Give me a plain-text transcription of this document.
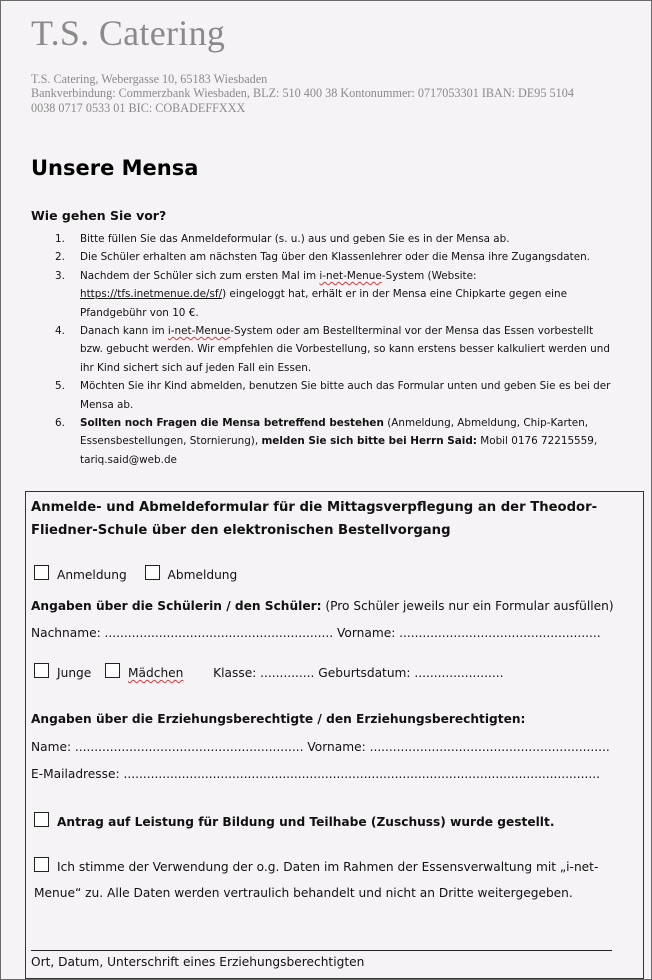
T.S. Catering
T.S. Catering, Webergasse 10, 65183 Wiesbaden
Bankverbindung: Commerzbank Wiesbaden, BLZ: 510 400 38 Kontonummer: 0717053301 IBAN: DE95 5104
0038 0717 0533 01 BIC: COBADEFFXXX
Unsere Mensa
Wie gehen Sie vor?
1. Bitte füllen Sie das Anmeldeformular (s. u.) aus und geben Sie es in der Mensa ab.
2. Die Schüler erhalten am nächsten Tag über den Klassenlehrer oder die Mensa ihre Zugangsdaten.
3. Nachdem der Schüler sich zum ersten Mal im i-net-Menue-System (Website:
https://tfs.inetmenue.de/sf/) eingeloggt hat, erhält er in der Mensa eine Chipkarte gegen eine
Pfandgebühr von 10 €.
4. Danach kann im i-net-Menue-System oder am Bestellterminal vor der Mensa das Essen vorbestellt
bzw. gebucht werden. Wir empfehlen die Vorbestellung, so kann erstens besser kalkuliert werden und
ihr Kind sichert sich auf jeden Fall ein Essen.
5. Möchten Sie ihr Kind abmelden, benutzen Sie bitte auch das Formular unten und geben Sie es bei der
Mensa ab.
6. Sollten noch Fragen die Mensa betreffend bestehen (Anmeldung, Abmeldung, Chip-Karten,
Essensbestellungen, Stornierung), melden Sie sich bitte bei Herrn Said: Mobil 0176 72215559,
tariq.said@web.de
Anmelde- und Abmeldeformular für die Mittagsverpflegung an der Theodor-
Fliedner-Schule über den elektronischen Bestellvorgang
Anmeldung	Abmeldung
Angaben über die Schülerin / den Schüler: (Pro Schüler jeweils nur ein Formular ausfüllen)
Nachname: ........................................................... Vorname: ....................................................
Junge	Mädchen Klasse: .............. Geburtsdatum: .......................
Angaben über die Erziehungsberechtigte / den Erziehungsberechtigten:
Name: ........................................................... Vorname: ..............................................................
E-Mailadresse: ...........................................................................................................................
Antrag auf Leistung für Bildung und Teilhabe (Zuschuss) wurde gestellt.
Ich stimme der Verwendung der o.g. Daten im Rahmen der Essensverwaltung mit „i-net-
Menue“ zu. Alle Daten werden vertraulich behandelt und nicht an Dritte weitergegeben.
Ort, Datum, Unterschrift eines Erziehungsberechtigten
